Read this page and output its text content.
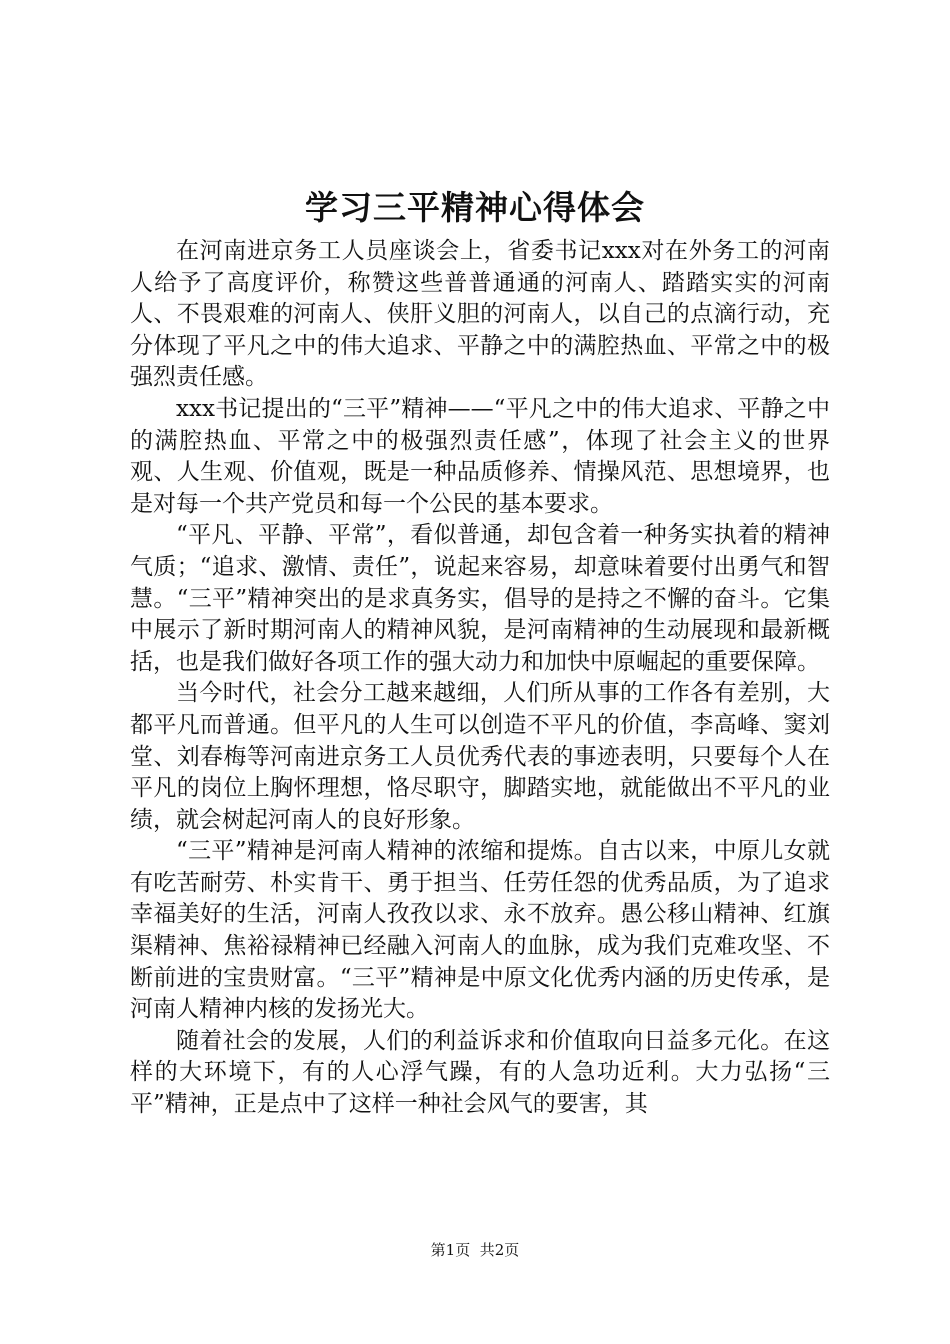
学习三平精神心得体会

在河南进京务工人员座谈会上，省委书记xxx对在外务工的河南人给予了高度评价，称赞这些普普通通的河南人、踏踏实实的河南人、不畏艰难的河南人、侠肝义胆的河南人，以自己的点滴行动，充分体现了平凡之中的伟大追求、平静之中的满腔热血、平常之中的极强烈责任感。

xxx书记提出的“三平”精神——“平凡之中的伟大追求、平静之中的满腔热血、平常之中的极强烈责任感”，体现了社会主义的世界观、人生观、价值观，既是一种品质修养、情操风范、思想境界，也是对每一个共产党员和每一个公民的基本要求。

“平凡、平静、平常”，看似普通，却包含着一种务实执着的精神气质；“追求、激情、责任”，说起来容易，却意味着要付出勇气和智慧。“三平”精神突出的是求真务实，倡导的是持之不懈的奋斗。它集中展示了新时期河南人的精神风貌，是河南精神的生动展现和最新概括，也是我们做好各项工作的强大动力和加快中原崛起的重要保障。

当今时代，社会分工越来越细，人们所从事的工作各有差别，大都平凡而普通。但平凡的人生可以创造不平凡的价值，李高峰、窦刘堂、刘春梅等河南进京务工人员优秀代表的事迹表明，只要每个人在平凡的岗位上胸怀理想，恪尽职守，脚踏实地，就能做出不平凡的业绩，就会树起河南人的良好形象。

“三平”精神是河南人精神的浓缩和提炼。自古以来，中原儿女就有吃苦耐劳、朴实肯干、勇于担当、任劳任怨的优秀品质，为了追求幸福美好的生活，河南人孜孜以求、永不放弃。愚公移山精神、红旗渠精神、焦裕禄精神已经融入河南人的血脉，成为我们克难攻坚、不断前进的宝贵财富。“三平”精神是中原文化优秀内涵的历史传承，是河南人精神内核的发扬光大。

随着社会的发展，人们的利益诉求和价值取向日益多元化。在这样的大环境下，有的人心浮气躁，有的人急功近利。大力弘扬“三平”精神，正是点中了这样一种社会风气的要害，其

第1页 共2页
